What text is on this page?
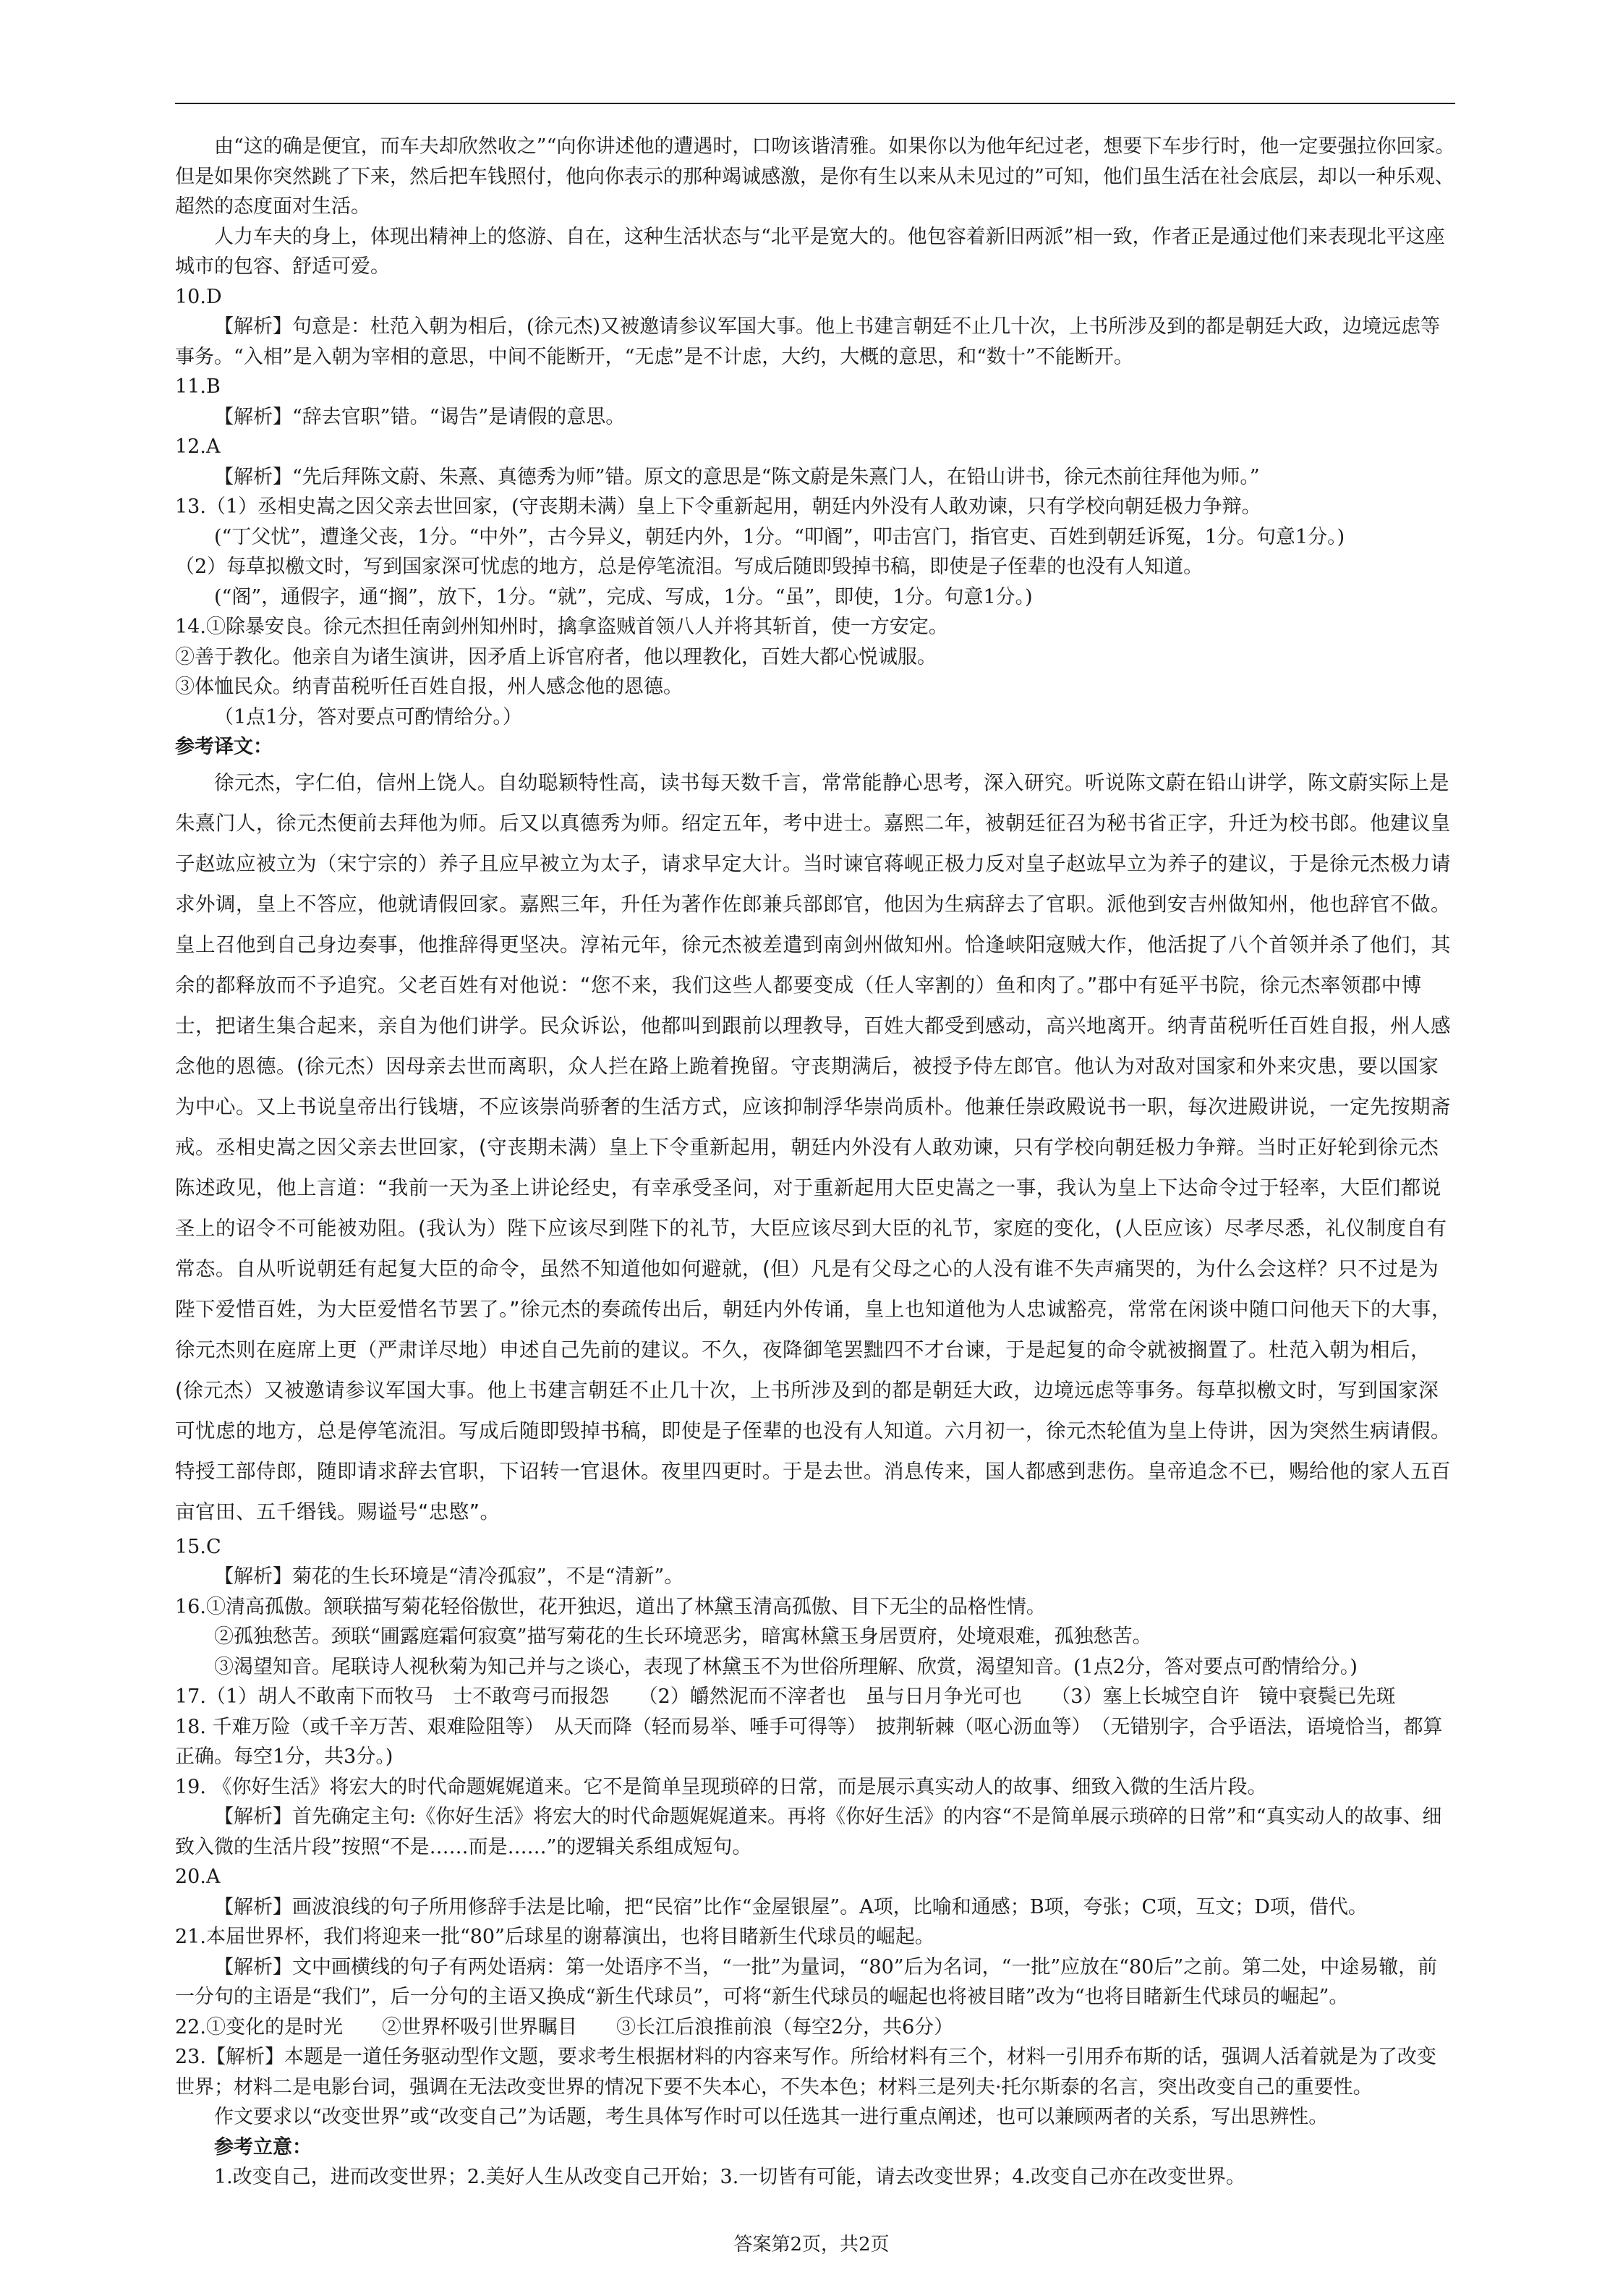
由“这的确是便宜，而车夫却欣然收之”“向你讲述他的遭遇时，口吻该谐清雅。如果你以为他年纪过老，想要下车步行时，他一定要强拉你回家。但是如果你突然跳了下来，然后把车钱照付，他向你表示的那种竭诚感激，是你有生以来从未见过的”可知，他们虽生活在社会底层，却以一种乐观、超然的态度面对生活。

人力车夫的身上，体现出精神上的悠游、自在，这种生活状态与“北平是宽大的。他包容着新旧两派”相一致，作者正是通过他们来表现北平这座城市的包容、舒适可爱。

10.D

【解析】句意是：杜范入朝为相后，(徐元杰)又被邀请参议军国大事。他上书建言朝廷不止几十次，上书所涉及到的都是朝廷大政，边境远虑等事务。“入相”是入朝为宰相的意思，中间不能断开，“无虑”是不计虑，大约，大概的意思，和“数十”不能断开。

11.B

【解析】“辞去官职”错。“谒告”是请假的意思。

12.A

【解析】“先后拜陈文蔚、朱熹、真德秀为师”错。原文的意思是“陈文蔚是朱熹门人，在铅山讲书，徐元杰前往拜他为师。”

13.（1）丞相史嵩之因父亲去世回家，(守丧期未满）皇上下令重新起用，朝廷内外没有人敢劝谏，只有学校向朝廷极力争辩。

(“丁父忧”，遭逢父丧，1分。“中外”，古今异义，朝廷内外，1分。“叩阍”，叩击宫门，指官吏、百姓到朝廷诉冤，1分。句意1分。)

（2）每草拟檄文时，写到国家深可忧虑的地方，总是停笔流泪。写成后随即毁掉书稿，即使是子侄辈的也没有人知道。

(“阁”，通假字，通“搁”，放下，1分。“就”，完成、写成，1分。“虽”，即使，1分。句意1分。)

14.①除暴安良。徐元杰担任南剑州知州时，擒拿盗贼首领八人并将其斩首，使一方安定。

②善于教化。他亲自为诸生演讲，因矛盾上诉官府者，他以理教化，百姓大都心悦诚服。

③体恤民众。纳青苗税听任百姓自报，州人感念他的恩德。

（1点1分，答对要点可酌情给分。）

参考译文：

徐元杰，字仁伯，信州上饶人。自幼聪颖特性高，读书每天数千言，常常能静心思考，深入研究。听说陈文蔚在铅山讲学，陈文蔚实际上是朱熹门人，徐元杰便前去拜他为师。后又以真德秀为师。绍定五年，考中进士。嘉熙二年，被朝廷征召为秘书省正字，升迁为校书郎。他建议皇子赵竑应被立为（宋宁宗的）养子且应早被立为太子，请求早定大计。当时谏官蒋岘正极力反对皇子赵竑早立为养子的建议，于是徐元杰极力请求外调，皇上不答应，他就请假回家。嘉熙三年，升任为著作佐郎兼兵部郎官，他因为生病辞去了官职。派他到安吉州做知州，他也辞官不做。皇上召他到自己身边奏事，他推辞得更坚决。淳祐元年，徐元杰被差遣到南剑州做知州。恰逢峡阳寇贼大作，他活捉了八个首领并杀了他们，其余的都释放而不予追究。父老百姓有对他说：“您不来，我们这些人都要变成（任人宰割的）鱼和肉了。”郡中有延平书院，徐元杰率领郡中博士，把诸生集合起来，亲自为他们讲学。民众诉讼，他都叫到跟前以理教导，百姓大都受到感动，高兴地离开。纳青苗税听任百姓自报，州人感念他的恩德。(徐元杰）因母亲去世而离职，众人拦在路上跪着挽留。守丧期满后，被授予侍左郎官。他认为对敌对国家和外来灾患，要以国家为中心。又上书说皇帝出行钱塘，不应该崇尚骄奢的生活方式，应该抑制浮华崇尚质朴。他兼任崇政殿说书一职，每次进殿讲说，一定先按期斋戒。丞相史嵩之因父亲去世回家，(守丧期未满）皇上下令重新起用，朝廷内外没有人敢劝谏，只有学校向朝廷极力争辩。当时正好轮到徐元杰陈述政见，他上言道：“我前一天为圣上讲论经史，有幸承受圣问，对于重新起用大臣史嵩之一事，我认为皇上下达命令过于轻率，大臣们都说圣上的诏令不可能被劝阻。(我认为）陛下应该尽到陛下的礼节，大臣应该尽到大臣的礼节，家庭的变化，(人臣应该）尽孝尽悉，礼仪制度自有常态。自从听说朝廷有起复大臣的命令，虽然不知道他如何避就，(但）凡是有父母之心的人没有谁不失声痛哭的，为什么会这样？只不过是为陛下爱惜百姓，为大臣爱惜名节罢了。”徐元杰的奏疏传出后，朝廷内外传诵，皇上也知道他为人忠诚豁亮，常常在闲谈中随口问他天下的大事，徐元杰则在庭席上更（严肃详尽地）申述自己先前的建议。不久，夜降御笔罢黜四不才台谏，于是起复的命令就被搁置了。杜范入朝为相后，(徐元杰）又被邀请参议军国大事。他上书建言朝廷不止几十次，上书所涉及到的都是朝廷大政，边境远虑等事务。每草拟檄文时，写到国家深可忧虑的地方，总是停笔流泪。写成后随即毁掉书稿，即使是子侄辈的也没有人知道。六月初一，徐元杰轮值为皇上侍讲，因为突然生病请假。特授工部侍郎，随即请求辞去官职，下诏转一官退休。夜里四更时。于是去世。消息传来，国人都感到悲伤。皇帝追念不已，赐给他的家人五百亩官田、五千缗钱。赐谥号“忠愍”。

15.C

【解析】菊花的生长环境是“清冷孤寂”，不是“清新”。

16.①清高孤傲。颔联描写菊花轻俗傲世，花开独迟，道出了林黛玉清高孤傲、目下无尘的品格性情。

②孤独愁苦。颈联“圃露庭霜何寂寞”描写菊花的生长环境恶劣，暗寓林黛玉身居贾府，处境艰难，孤独愁苦。

③渴望知音。尾联诗人视秋菊为知己并与之谈心，表现了林黛玉不为世俗所理解、欣赏，渴望知音。(1点2分，答对要点可酌情给分。)

17.（1）胡人不敢南下而牧马　士不敢弯弓而报怨　　（2）皭然泥而不滓者也　虽与日月争光可也　　（3）塞上长城空自许　镜中衰鬓已先斑

18. 千难万险（或千辛万苦、艰难险阻等）　从天而降（轻而易举、唾手可得等）　披荆斩棘（呕心沥血等）　（无错别字，合乎语法，语境恰当，都算正确。每空1分，共3分。)

19. 《你好生活》将宏大的时代命题娓娓道来。它不是简单呈现琐碎的日常，而是展示真实动人的故事、细致入微的生活片段。

【解析】首先确定主句:《你好生活》将宏大的时代命题娓娓道来。再将《你好生活》的内容“不是简单展示琐碎的日常”和“真实动人的故事、细致入微的生活片段”按照“不是……而是……”的逻辑关系组成短句。

20.A

【解析】画波浪线的句子所用修辞手法是比喻，把“民宿”比作“金屋银屋”。A项，比喻和通感；B项，夸张；C项，互文；D项，借代。

21.本届世界杯，我们将迎来一批“80”后球星的谢幕演出，也将目睹新生代球员的崛起。

【解析】文中画横线的句子有两处语病：第一处语序不当，“一批”为量词，“80”后为名词，“一批”应放在“80后”之前。第二处，中途易辙，前一分句的主语是“我们”，后一分句的主语又换成“新生代球员”，可将“新生代球员的崛起也将被目睹”改为“也将目睹新生代球员的崛起”。

22.①变化的是时光　　②世界杯吸引世界瞩目　　③长江后浪推前浪（每空2分，共6分）

23.【解析】本题是一道任务驱动型作文题，要求考生根据材料的内容来写作。所给材料有三个，材料一引用乔布斯的话，强调人活着就是为了改变世界；材料二是电影台词，强调在无法改变世界的情况下要不失本心，不失本色；材料三是列夫·托尔斯泰的名言，突出改变自己的重要性。

作文要求以“改变世界”或“改变自己”为话题，考生具体写作时可以任选其一进行重点阐述，也可以兼顾两者的关系，写出思辨性。

参考立意：

1.改变自己，进而改变世界；2.美好人生从改变自己开始；3.一切皆有可能，请去改变世界；4.改变自己亦在改变世界。

答案第2页，共2页
